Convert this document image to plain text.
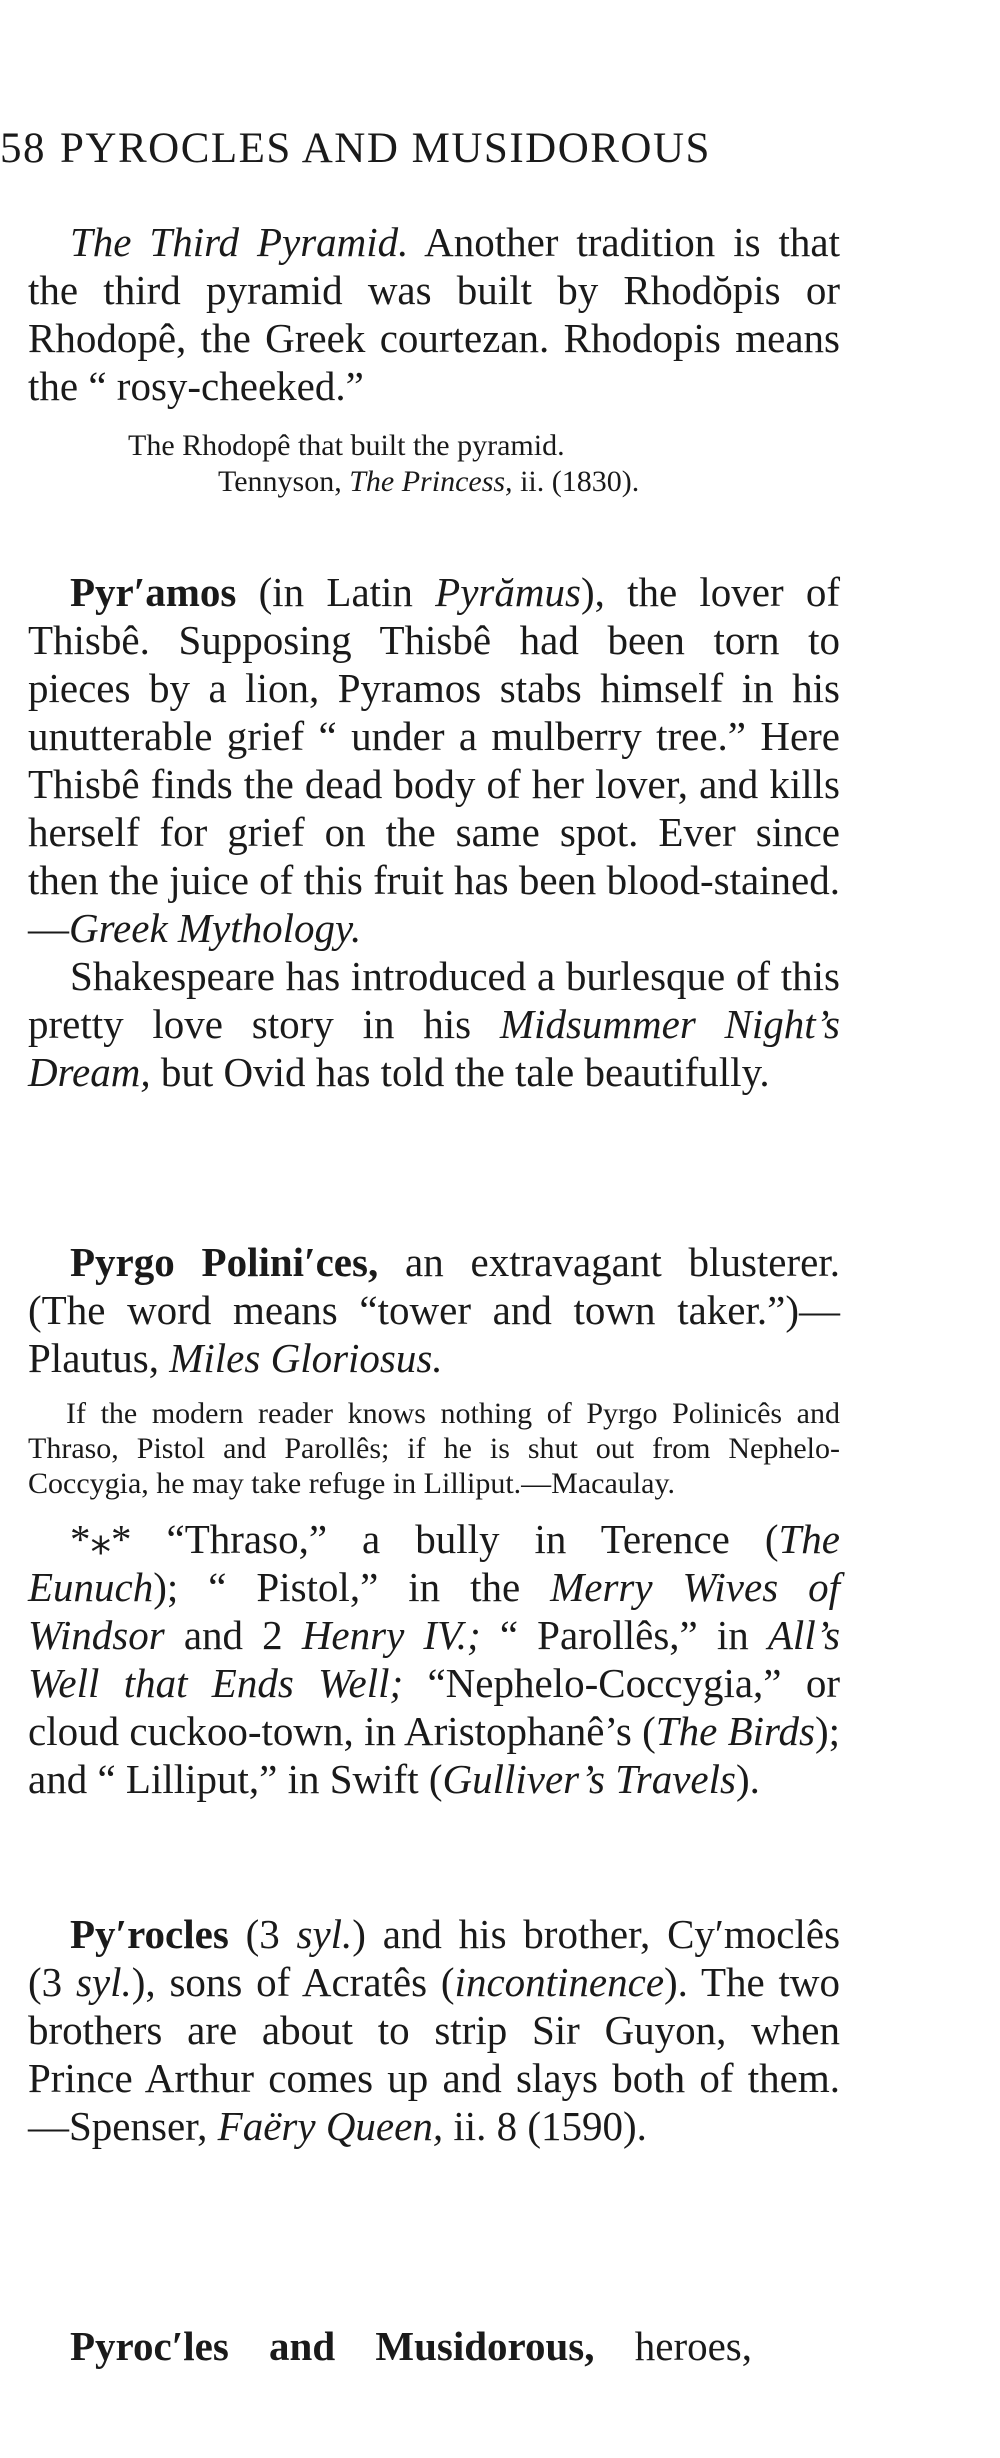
58 PYROCLES AND MUSIDOROUS

The Third Pyramid. Another tradition is that the third pyramid was built by Rhodŏpis or Rhodopê, the Greek courtezan. Rhodopis means the “ rosy-cheeked.”

The Rhodopê that built the pyramid.

Tennyson, The Princess, ii. (1830).

Pyr′amos (in Latin Pyrămus), the lover of Thisbê. Supposing Thisbê had been torn to pieces by a lion, Pyramos stabs himself in his unutterable grief “ under a mulberry tree.” Here Thisbê finds the dead body of her lover, and kills herself for grief on the same spot. Ever since then the juice of this fruit has been blood-stained.—Greek Mythology.

Shakespeare has introduced a burlesque of this pretty love story in his Midsummer Night’s Dream, but Ovid has told the tale beautifully.

Pyrgo Polini′ces, an extravagant blusterer. (The word means “tower and town taker.”)—Plautus, Miles Gloriosus.

If the modern reader knows nothing of Pyrgo Polinicês and Thraso, Pistol and Parollês; if he is shut out from Nephelo-Coccygia, he may take refuge in Lilliput.—Macaulay.

*⁎* “Thraso,” a bully in Terence (The Eunuch); “ Pistol,” in the Merry Wives of Windsor and 2 Henry IV.; “ Parollês,” in All’s Well that Ends Well; “Nephelo-Coccygia,” or cloud cuckoo-town, in Aristophanê’s (The Birds); and “ Lilliput,” in Swift (Gulliver’s Travels).

Py′rocles (3 syl.) and his brother, Cy′moclês (3 syl.), sons of Acratês (incontinence). The two brothers are about to strip Sir Guyon, when Prince Arthur comes up and slays both of them.—Spenser, Faëry Queen, ii. 8 (1590).

Pyroc′les and Musidorous, heroes,
